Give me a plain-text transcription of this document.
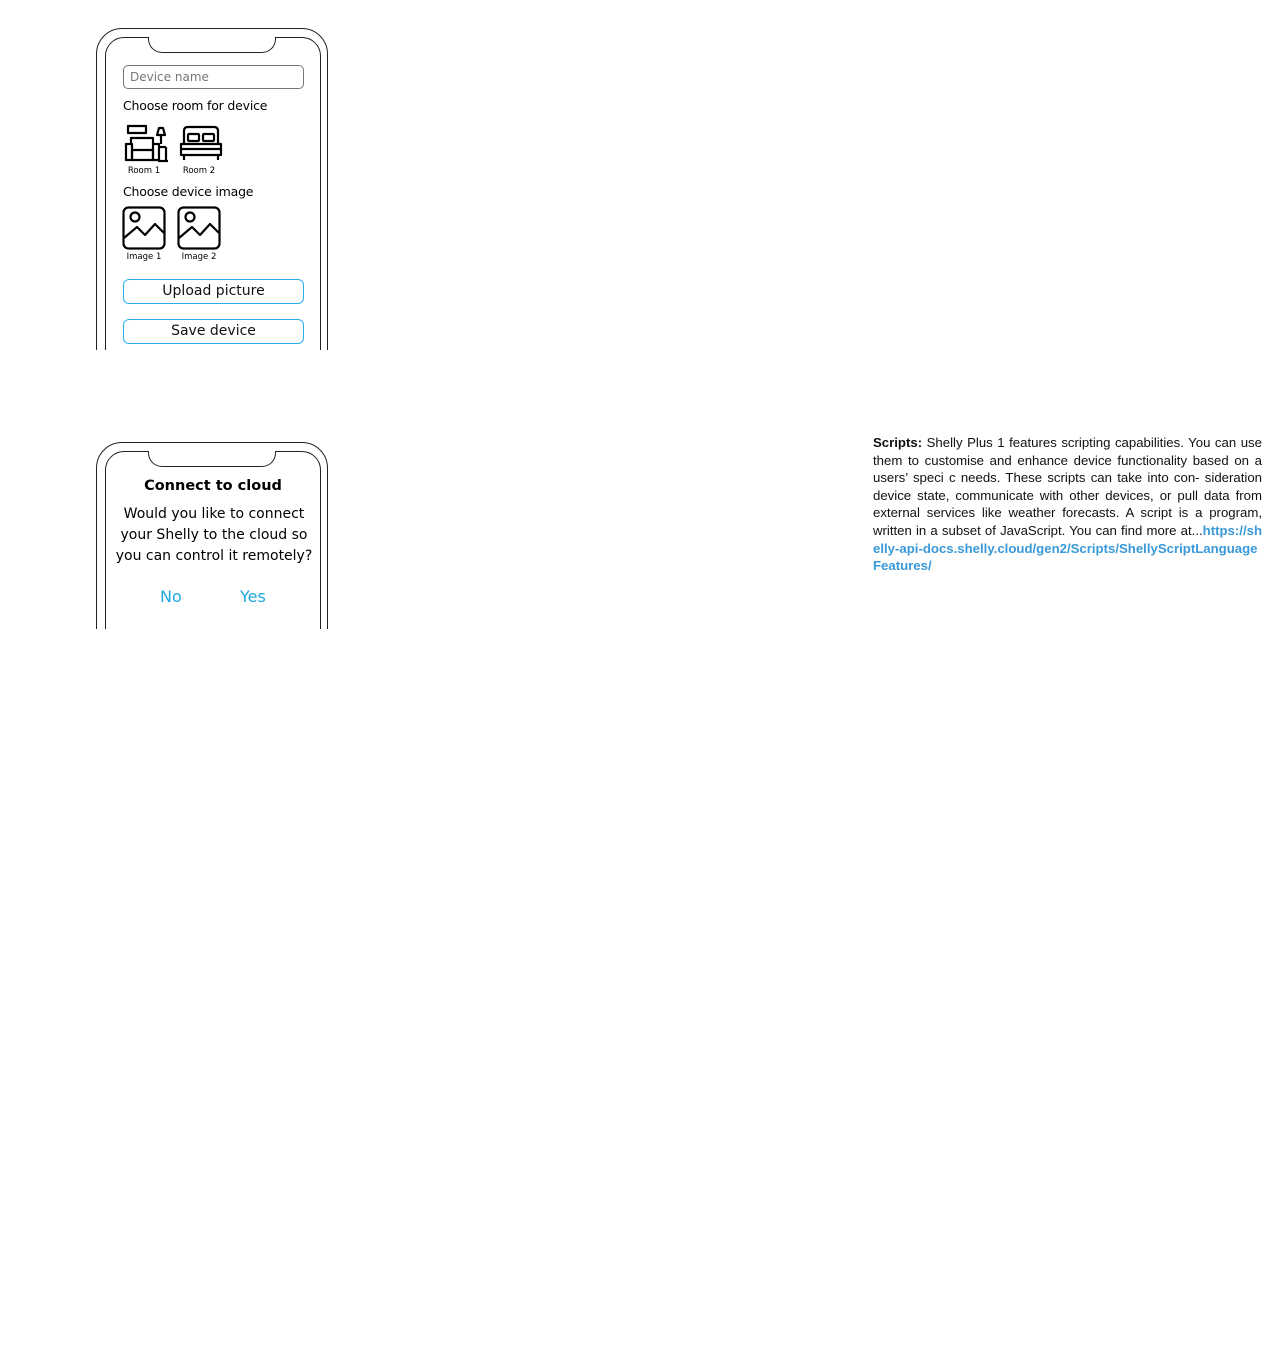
Device name
Choose room for device
Room 1	Room 2
Choose device image
Image 1	Image 2
Upload picture
Save device
Connect to cloud
Would you like to connect your Shelly to the cloud so you can control it remotely?
No	Yes
Scripts: Shelly Plus 1 features scripting capabilities. You can use them to customise and enhance device functionality based on a users’ speci c needs. These scripts can take into con- sideration device state, communicate with other devices, or pull data from external services like weather forecasts. A script is a program, written in a subset of JavaScript. You can find more at...https://shelly-api-docs.shelly.cloud/gen2/Scripts/ShellyScriptLanguageFeatures/
